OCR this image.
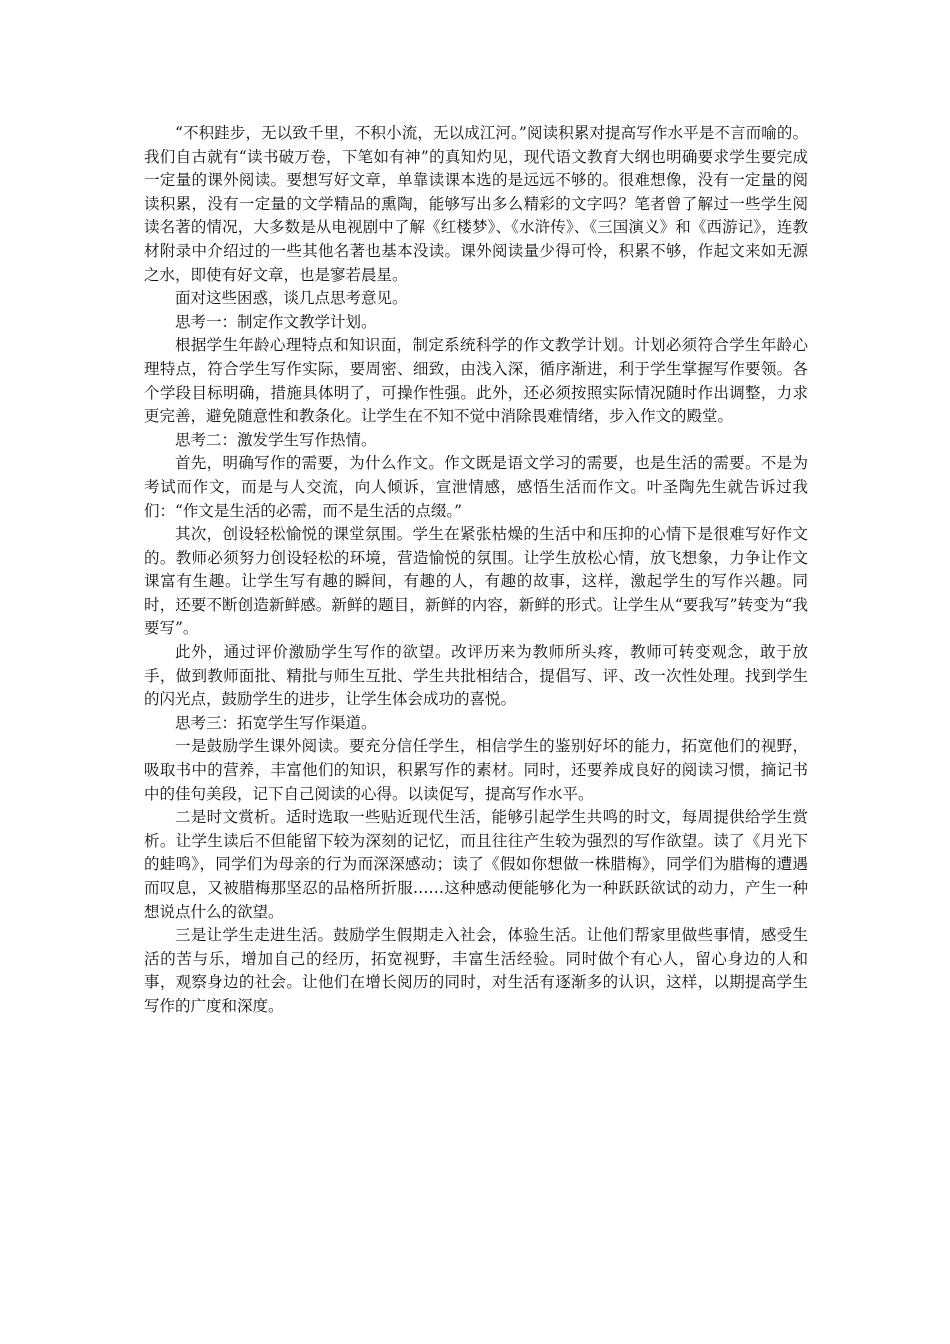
“不积跬步，无以致千里，不积小流，无以成江河。”阅读积累对提高写作水平是不言而喻的。我们自古就有“读书破万卷，下笔如有神”的真知灼见，现代语文教育大纲也明确要求学生要完成一定量的课外阅读。要想写好文章，单靠读课本选的是远远不够的。很难想像，没有一定量的阅读积累，没有一定量的文学精品的熏陶，能够写出多么精彩的文字吗？笔者曾了解过一些学生阅读名著的情况，大多数是从电视剧中了解《红楼梦》、《水浒传》、《三国演义》和《西游记》，连教材附录中介绍过的一些其他名著也基本没读。课外阅读量少得可怜，积累不够，作起文来如无源之水，即使有好文章，也是寥若晨星。

面对这些困惑，谈几点思考意见。

思考一：制定作文教学计划。

根据学生年龄心理特点和知识面，制定系统科学的作文教学计划。计划必须符合学生年龄心理特点，符合学生写作实际，要周密、细致，由浅入深，循序渐进，利于学生掌握写作要领。各个学段目标明确，措施具体明了，可操作性强。此外，还必须按照实际情况随时作出调整，力求更完善，避免随意性和教条化。让学生在不知不觉中消除畏难情绪，步入作文的殿堂。

思考二：激发学生写作热情。

首先，明确写作的需要，为什么作文。作文既是语文学习的需要，也是生活的需要。不是为考试而作文，而是与人交流，向人倾诉，宣泄情感，感悟生活而作文。叶圣陶先生就告诉过我们：“作文是生活的必需，而不是生活的点缀。”

其次，创设轻松愉悦的课堂氛围。学生在紧张枯燥的生活中和压抑的心情下是很难写好作文的。教师必须努力创设轻松的环境，营造愉悦的氛围。让学生放松心情，放飞想象，力争让作文课富有生趣。让学生写有趣的瞬间，有趣的人，有趣的故事，这样，激起学生的写作兴趣。同时，还要不断创造新鲜感。新鲜的题目，新鲜的内容，新鲜的形式。让学生从“要我写”转变为“我要写”。

此外，通过评价激励学生写作的欲望。改评历来为教师所头疼，教师可转变观念，敢于放手，做到教师面批、精批与师生互批、学生共批相结合，提倡写、评、改一次性处理。找到学生的闪光点，鼓励学生的进步，让学生体会成功的喜悦。

思考三：拓宽学生写作渠道。

一是鼓励学生课外阅读。要充分信任学生，相信学生的鉴别好坏的能力，拓宽他们的视野，吸取书中的营养，丰富他们的知识，积累写作的素材。同时，还要养成良好的阅读习惯，摘记书中的佳句美段，记下自己阅读的心得。以读促写，提高写作水平。

二是时文赏析。适时选取一些贴近现代生活，能够引起学生共鸣的时文，每周提供给学生赏析。让学生读后不但能留下较为深刻的记忆，而且往往产生较为强烈的写作欲望。读了《月光下的蛙鸣》，同学们为母亲的行为而深深感动；读了《假如你想做一株腊梅》，同学们为腊梅的遭遇而叹息，又被腊梅那坚忍的品格所折服……这种感动便能够化为一种跃跃欲试的动力，产生一种想说点什么的欲望。

三是让学生走进生活。鼓励学生假期走入社会，体验生活。让他们帮家里做些事情，感受生活的苦与乐，增加自己的经历，拓宽视野，丰富生活经验。同时做个有心人，留心身边的人和事，观察身边的社会。让他们在增长阅历的同时，对生活有逐渐多的认识，这样，以期提高学生写作的广度和深度。
